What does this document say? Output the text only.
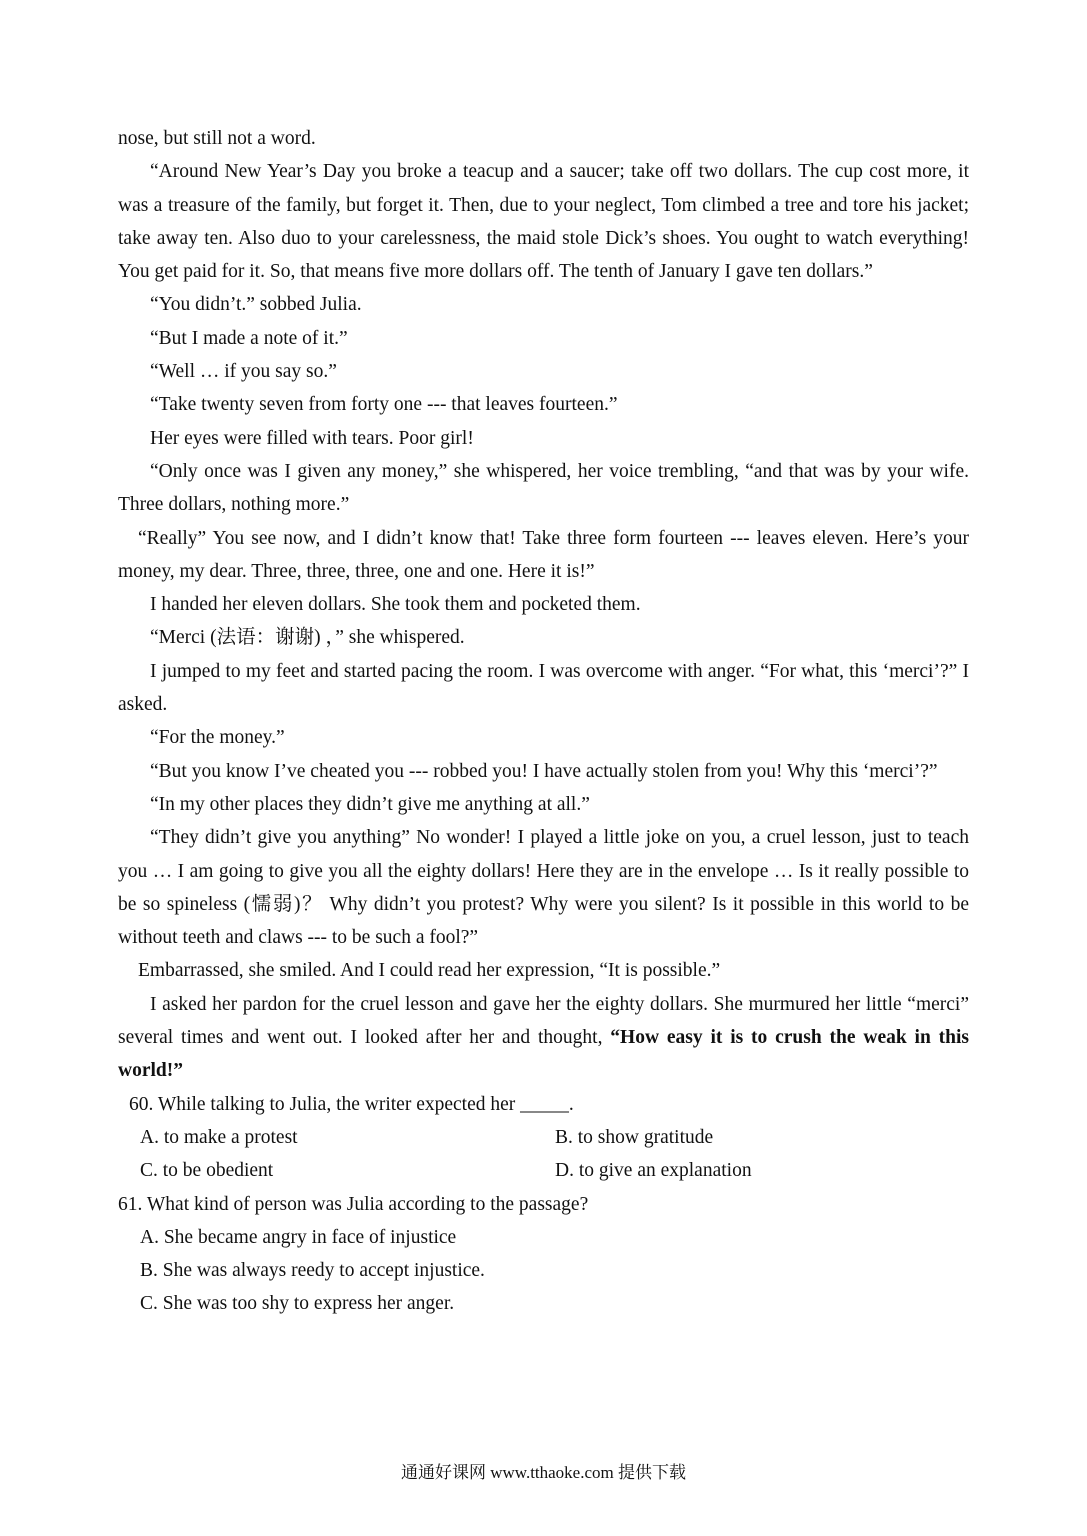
nose, but still not a word.

“Around New Year’s Day you broke a teacup and a saucer; take off two dollars. The cup cost more, it was a treasure of the family, but forget it. Then, due to your neglect, Tom climbed a tree and tore his jacket; take away ten. Also duo to your carelessness, the maid stole Dick’s shoes. You ought to watch everything! You get paid for it. So, that means five more dollars off. The tenth of January I gave ten dollars.”

“You didn’t.” sobbed Julia.

“But I made a note of it.”

“Well … if you say so.”

“Take twenty seven from forty one --- that leaves fourteen.”

Her eyes were filled with tears. Poor girl!

“Only once was I given any money,” she whispered, her voice trembling, “and that was by your wife. Three dollars, nothing more.”

“Really” You see now, and I didn’t know that! Take three form fourteen --- leaves eleven. Here’s your money, my dear. Three, three, three, one and one. Here it is!”

I handed her eleven dollars. She took them and pocketed them.

“Merci (法语：谢谢) ，” she whispered.

I jumped to my feet and started pacing the room. I was overcome with anger. “For what, this ‘merci’?” I asked.

“For the money.”

“But you know I’ve cheated you --- robbed you! I have actually stolen from you! Why this ‘merci’?”

“In my other places they didn’t give me anything at all.”

“They didn’t give you anything” No wonder! I played a little joke on you, a cruel lesson, just to teach you … I am going to give you all the eighty dollars! Here they are in the envelope … Is it really possible to be so spineless (懦弱)？ Why didn’t you protest? Why were you silent? Is it possible in this world to be without teeth and claws --- to be such a fool?”

Embarrassed, she smiled. And I could read her expression, “It is possible.”

I asked her pardon for the cruel lesson and gave her the eighty dollars. She murmured her little “merci” several times and went out. I looked after her and thought, “How easy it is to crush the weak in this world!”

60. While talking to Julia, the writer expected her _____.

A. to make a protest	B. to show gratitude
C. to be obedient	D. to give an explanation

61. What kind of person was Julia according to the passage?

A. She became angry in face of injustice
B. She was always reedy to accept injustice.
C. She was too shy to express her anger.
通通好课网 www.tthaoke.com 提供下载
